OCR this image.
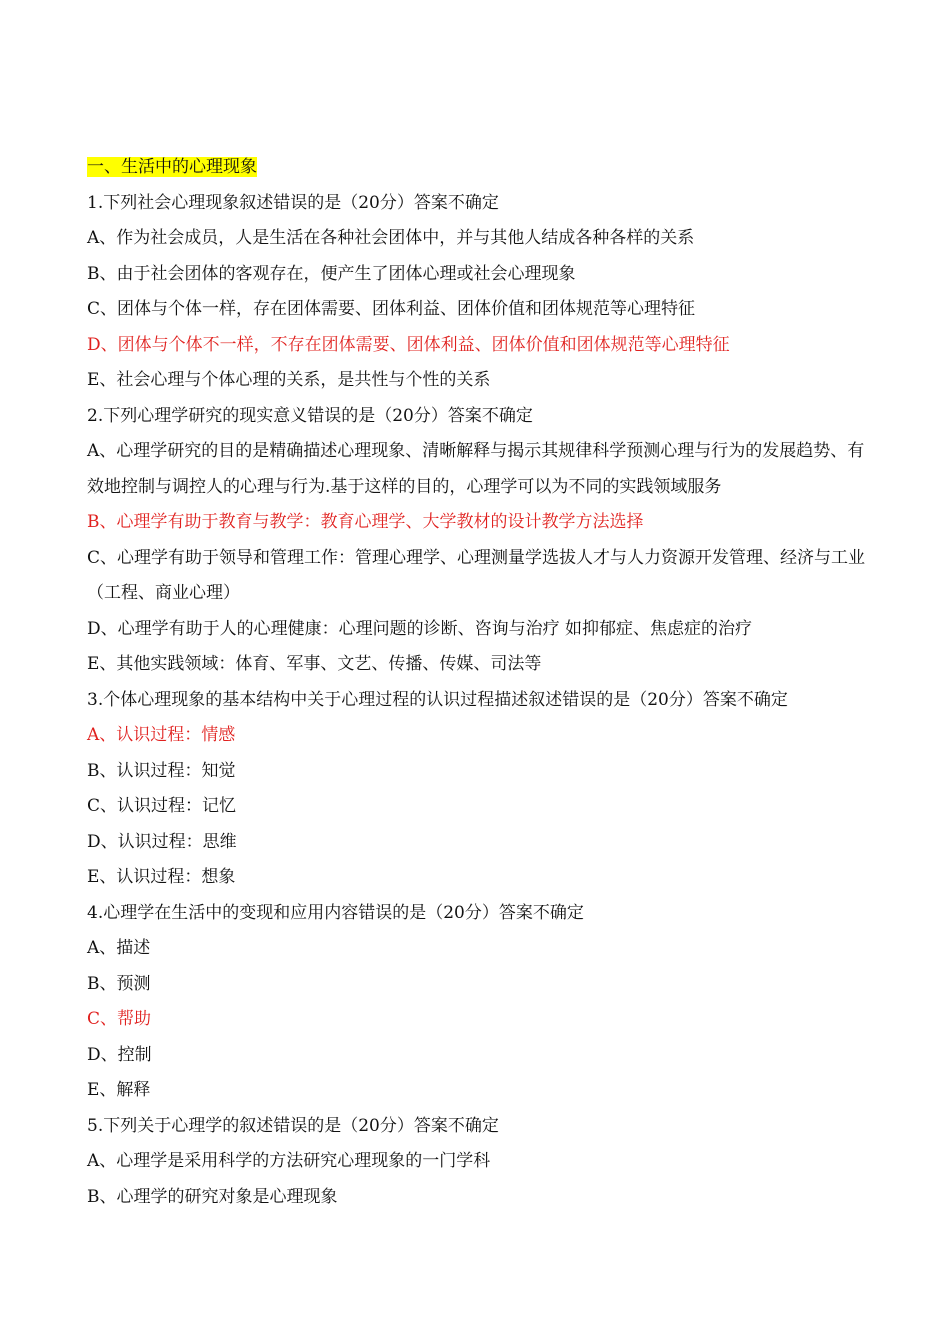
一、生活中的心理现象
1.下列社会心理现象叙述错误的是（20分）答案不确定
A、作为社会成员，人是生活在各种社会团体中，并与其他人结成各种各样的关系
B、由于社会团体的客观存在，便产生了团体心理或社会心理现象
C、团体与个体一样，存在团体需要、团体利益、团体价值和团体规范等心理特征
D、团体与个体不一样，不存在团体需要、团体利益、团体价值和团体规范等心理特征
E、社会心理与个体心理的关系，是共性与个性的关系
2.下列心理学研究的现实意义错误的是（20分）答案不确定
A、心理学研究的目的是精确描述心理现象、清晰解释与揭示其规律科学预测心理与行为的发展趋势、有效地控制与调控人的心理与行为.基于这样的目的，心理学可以为不同的实践领域服务
B、心理学有助于教育与教学：教育心理学、大学教材的设计教学方法选择
C、心理学有助于领导和管理工作：管理心理学、心理测量学选拔人才与人力资源开发管理、经济与工业（工程、商业心理）
D、心理学有助于人的心理健康：心理问题的诊断、咨询与治疗 如抑郁症、焦虑症的治疗
E、其他实践领域：体育、军事、文艺、传播、传媒、司法等
3.个体心理现象的基本结构中关于心理过程的认识过程描述叙述错误的是（20分）答案不确定
A、认识过程：情感
B、认识过程：知觉
C、认识过程：记忆
D、认识过程：思维
E、认识过程：想象
4.心理学在生活中的变现和应用内容错误的是（20分）答案不确定
A、描述
B、预测
C、帮助
D、控制
E、解释
5.下列关于心理学的叙述错误的是（20分）答案不确定
A、心理学是采用科学的方法研究心理现象的一门学科
B、心理学的研究对象是心理现象
